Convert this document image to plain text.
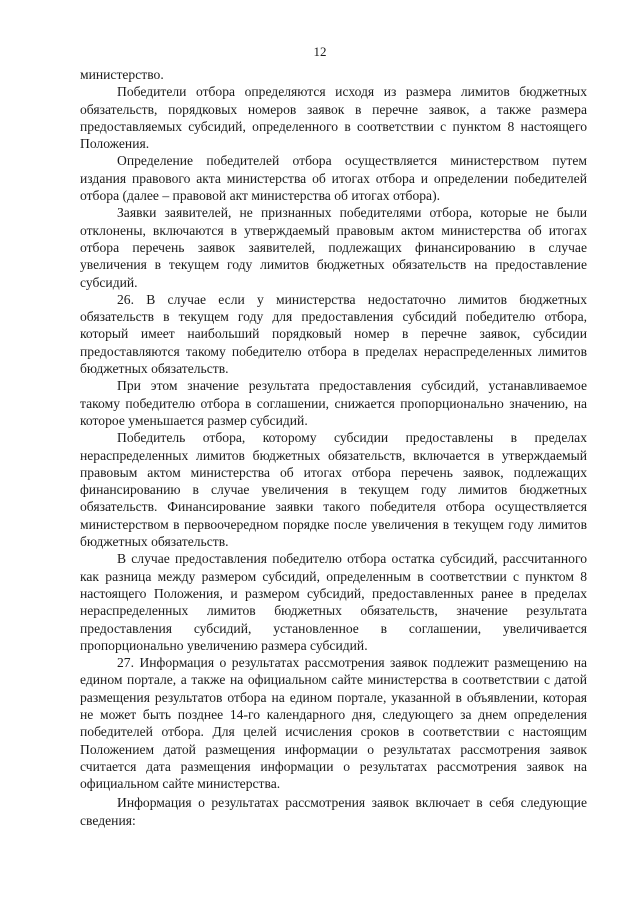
12

министерство.

Победители отбора определяются исходя из размера лимитов бюджетных обязательств, порядковых номеров заявок в перечне заявок, а также размера предоставляемых субсидий, определенного в соответствии с пунктом 8 настоящего Положения.

Определение победителей отбора осуществляется министерством путем издания правового акта министерства об итогах отбора и определении победителей отбора (далее – правовой акт министерства об итогах отбора).

Заявки заявителей, не признанных победителями отбора, которые не были отклонены, включаются в утверждаемый правовым актом министерства об итогах отбора перечень заявок заявителей, подлежащих финансированию в случае увеличения в текущем году лимитов бюджетных обязательств на предоставление субсидий.

26. В случае если у министерства недостаточно лимитов бюджетных обязательств в текущем году для предоставления субсидий победителю отбора, который имеет наибольший порядковый номер в перечне заявок, субсидии предоставляются такому победителю отбора в пределах нераспределенных лимитов бюджетных обязательств.

При этом значение результата предоставления субсидий, устанавливаемое такому победителю отбора в соглашении, снижается пропорционально значению, на которое уменьшается размер субсидий.

Победитель отбора, которому субсидии предоставлены в пределах нераспределенных лимитов бюджетных обязательств, включается в утверждаемый правовым актом министерства об итогах отбора перечень заявок, подлежащих финансированию в случае увеличения в текущем году лимитов бюджетных обязательств. Финансирование заявки такого победителя отбора осуществляется министерством в первоочередном порядке после увеличения в текущем году лимитов бюджетных обязательств.

В случае предоставления победителю отбора остатка субсидий, рассчитанного как разница между размером субсидий, определенным в соответствии с пунктом 8 настоящего Положения, и размером субсидий, предоставленных ранее в пределах нераспределенных лимитов бюджетных обязательств, значение результата предоставления субсидий, установленное в соглашении, увеличивается пропорционально увеличению размера субсидий.

27. Информация о результатах рассмотрения заявок подлежит размещению на едином портале, а также на официальном сайте министерства в соответствии с датой размещения результатов отбора на едином портале, указанной в объявлении, которая не может быть позднее 14-го календарного дня, следующего за днем определения победителей отбора. Для целей исчисления сроков в соответствии с настоящим Положением датой размещения информации о результатах рассмотрения заявок считается дата размещения информации о результатах рассмотрения заявок на официальном сайте министерства.

Информация о результатах рассмотрения заявок включает в себя следующие сведения:
